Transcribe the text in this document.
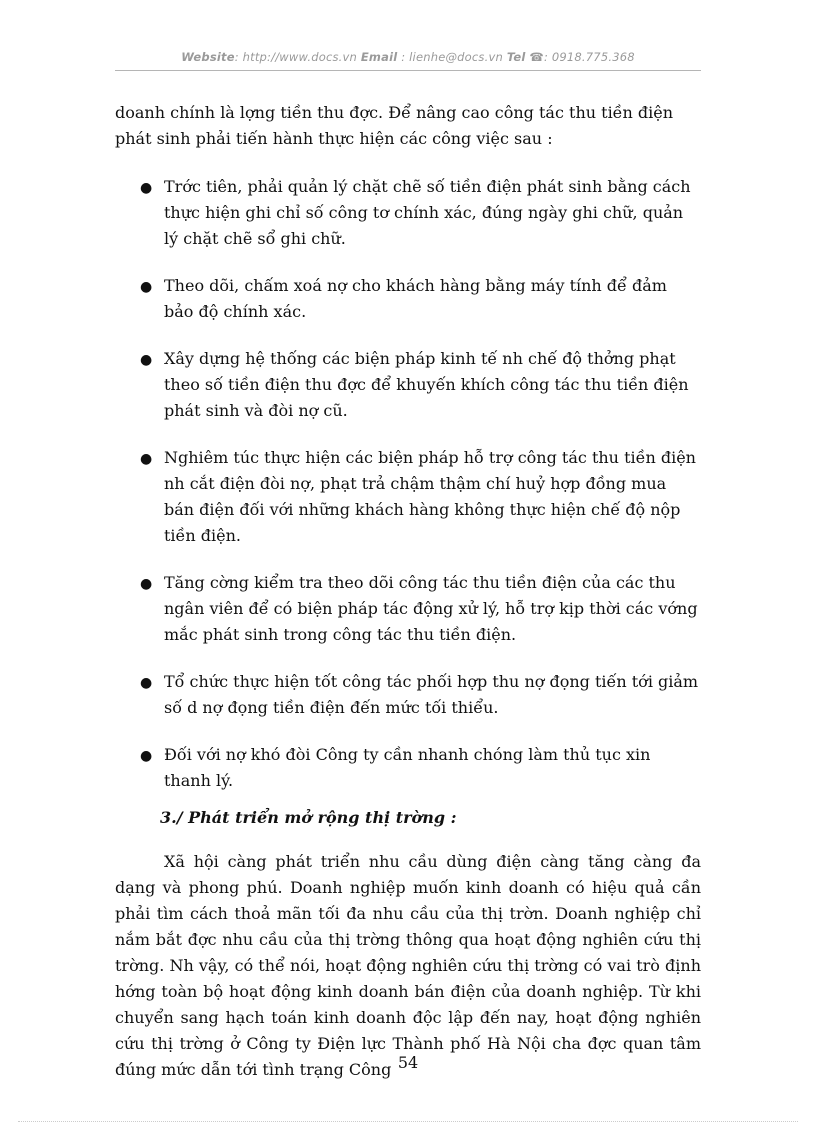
Website: http://www.docs.vn Email : lienhe@docs.vn Tel ☎: 0918.775.368

doanh chính là lợng tiền thu đợc. Để nâng cao công tác thu tiền điện phát sinh phải tiến hành thực hiện các công việc sau :

● Trớc tiên, phải quản lý chặt chẽ số tiền điện phát sinh bằng cách thực hiện ghi chỉ số công tơ chính xác, đúng ngày ghi chữ, quản lý chặt chẽ sổ ghi chữ.
● Theo dõi, chấm xoá nợ cho khách hàng bằng máy tính để đảm bảo độ chính xác.
● Xây dựng hệ thống các biện pháp kinh tế nh chế độ thởng phạt theo số tiền điện thu đợc để khuyến khích công tác thu tiền điện phát sinh và đòi nợ cũ.
● Nghiêm túc thực hiện các biện pháp hỗ trợ công tác thu tiền điện nh cắt điện đòi nợ, phạt trả chậm thậm chí huỷ hợp đồng mua bán điện đối với những khách hàng không thực hiện chế độ nộp tiền điện.
● Tăng cờng kiểm tra theo dõi công tác thu tiền điện của các thu ngân viên để có biện pháp tác động xử lý, hỗ trợ kịp thời các vớng mắc phát sinh trong công tác thu tiền điện.
● Tổ chức thực hiện tốt công tác phối hợp thu nợ đọng tiến tới giảm số d nợ đọng tiền điện đến mức tối thiểu.
● Đối với nợ khó đòi Công ty cần nhanh chóng làm thủ tục xin thanh lý.
3./ Phát triển mở rộng thị trờng :

Xã hội càng phát triển nhu cầu dùng điện càng tăng càng đa dạng và phong phú. Doanh nghiệp muốn kinh doanh có hiệu quả cần phải tìm cách thoả mãn tối đa nhu cầu của thị trờn. Doanh nghiệp chỉ nắm bắt đợc nhu cầu của thị trờng thông qua hoạt động nghiên cứu thị trờng. Nh vậy, có thể nói, hoạt động nghiên cứu thị trờng có vai trò định hớng toàn bộ hoạt động kinh doanh bán điện của doanh nghiệp. Từ khi chuyển sang hạch toán kinh doanh độc lập đến nay, hoạt động nghiên cứu thị trờng ở Công ty Điện lực Thành phố Hà Nội cha đợc quan tâm đúng mức dẫn tới tình trạng Công 54
